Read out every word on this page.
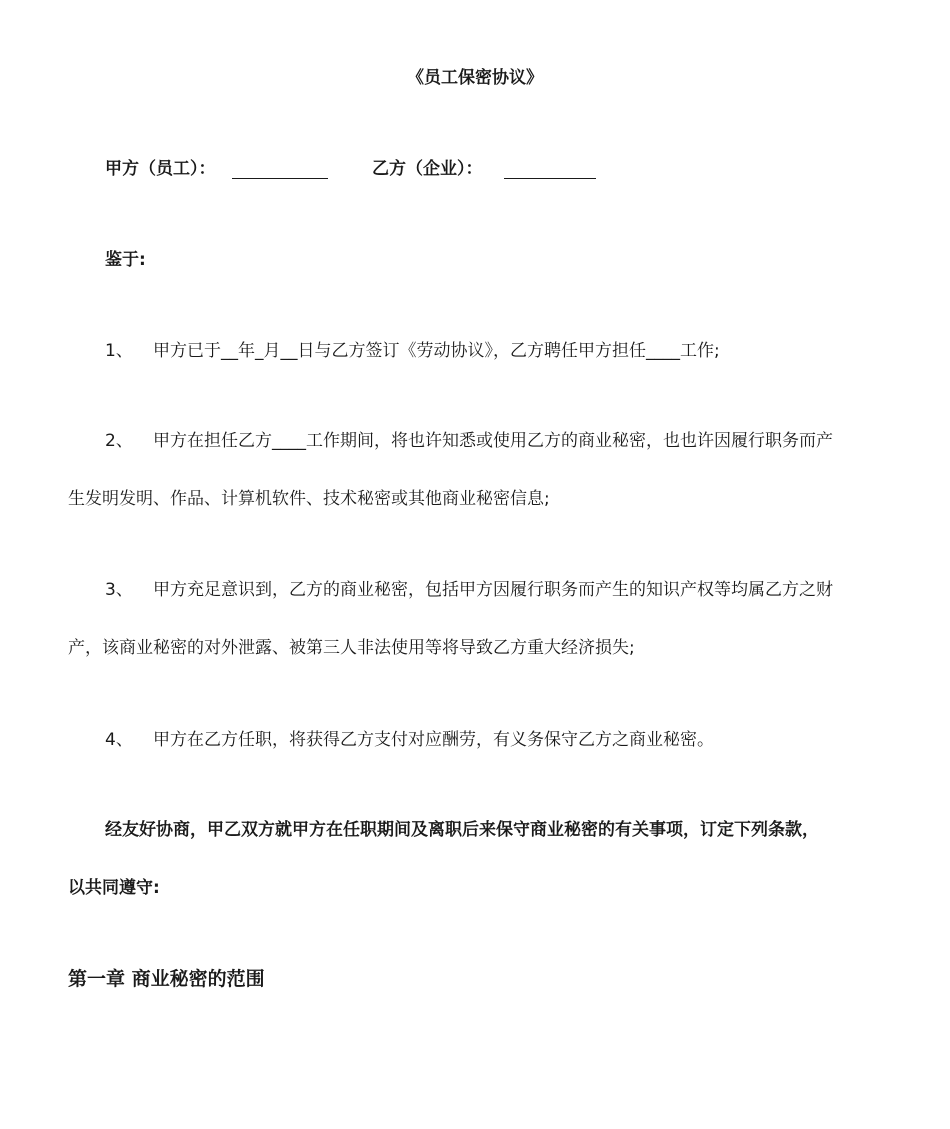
《员工保密协议》
甲方（员工）：	乙方（企业）：
鉴于:
1、 甲方已于__年_月__日与乙方签订《劳动协议》，乙方聘任甲方担任____工作;
2、 甲方在担任乙方____工作期间，将也许知悉或使用乙方的商业秘密，也也许因履行职务而产
生发明发明、作品、计算机软件、技术秘密或其他商业秘密信息;
3、 甲方充足意识到，乙方的商业秘密，包括甲方因履行职务而产生的知识产权等均属乙方之财
产，该商业秘密的对外泄露、被第三人非法使用等将导致乙方重大经济损失;
4、 甲方在乙方任职，将获得乙方支付对应酬劳，有义务保守乙方之商业秘密。
经友好协商，甲乙双方就甲方在任职期间及离职后来保守商业秘密的有关事项，订定下列条款，
以共同遵守:
第一章 商业秘密的范围
